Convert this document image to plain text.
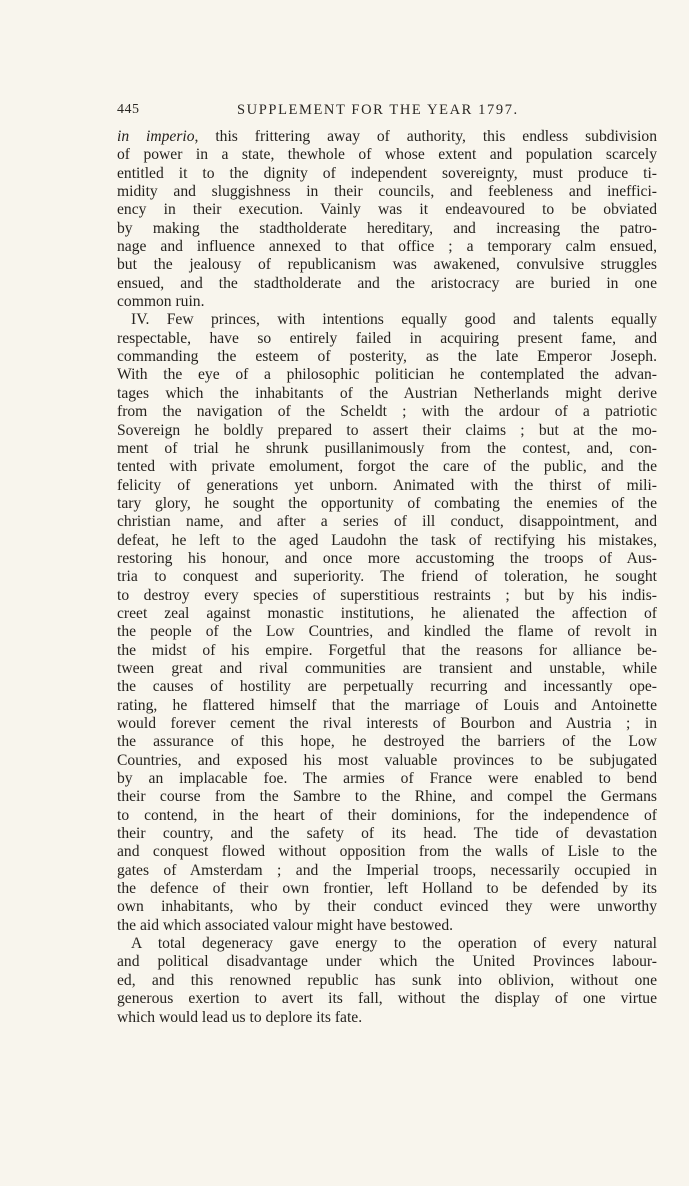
445	SUPPLEMENT FOR THE YEAR 1797.
in imperio, this frittering away of authority, this endless subdivision
of power in a state, thewhole of whose extent and population scarcely
entitled it to the dignity of independent sovereignty, must produce ti-
midity and sluggishness in their councils, and feebleness and ineffici-
ency in their execution. Vainly was it endeavoured to be obviated
by making the stadtholderate hereditary, and increasing the patro-
nage and influence annexed to that office ; a temporary calm ensued,
but the jealousy of republicanism was awakened, convulsive struggles
ensued, and the stadtholderate and the aristocracy are buried in one
common ruin.
IV. Few princes, with intentions equally good and talents equally
respectable, have so entirely failed in acquiring present fame, and
commanding the esteem of posterity, as the late Emperor Joseph.
With the eye of a philosophic politician he contemplated the advan-
tages which the inhabitants of the Austrian Netherlands might derive
from the navigation of the Scheldt ; with the ardour of a patriotic
Sovereign he boldly prepared to assert their claims ; but at the mo-
ment of trial he shrunk pusillanimously from the contest, and, con-
tented with private emolument, forgot the care of the public, and the
felicity of generations yet unborn. Animated with the thirst of mili-
tary glory, he sought the opportunity of combating the enemies of the
christian name, and after a series of ill conduct, disappointment, and
defeat, he left to the aged Laudohn the task of rectifying his mistakes,
restoring his honour, and once more accustoming the troops of Aus-
tria to conquest and superiority. The friend of toleration, he sought
to destroy every species of superstitious restraints ; but by his indis-
creet zeal against monastic institutions, he alienated the affection of
the people of the Low Countries, and kindled the flame of revolt in
the midst of his empire. Forgetful that the reasons for alliance be-
tween great and rival communities are transient and unstable, while
the causes of hostility are perpetually recurring and incessantly ope-
rating, he flattered himself that the marriage of Louis and Antoinette
would forever cement the rival interests of Bourbon and Austria ; in
the assurance of this hope, he destroyed the barriers of the Low
Countries, and exposed his most valuable provinces to be subjugated
by an implacable foe. The armies of France were enabled to bend
their course from the Sambre to the Rhine, and compel the Germans
to contend, in the heart of their dominions, for the independence of
their country, and the safety of its head. The tide of devastation
and conquest flowed without opposition from the walls of Lisle to the
gates of Amsterdam ; and the Imperial troops, necessarily occupied in
the defence of their own frontier, left Holland to be defended by its
own inhabitants, who by their conduct evinced they were unworthy
the aid which associated valour might have bestowed.
A total degeneracy gave energy to the operation of every natural
and political disadvantage under which the United Provinces labour-
ed, and this renowned republic has sunk into oblivion, without one
generous exertion to avert its fall, without the display of one virtue
which would lead us to deplore its fate.
